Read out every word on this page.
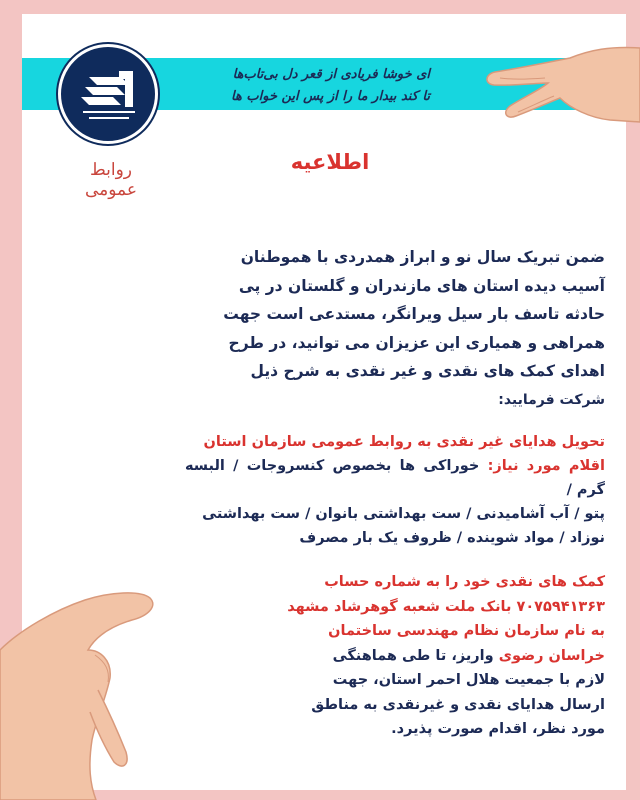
روابط عمومی
ای خوشا فریادی از قعر دل بی‌تاب‌ها
تا کند بیدار ما را از پس این خواب ها
اطلاعیه
ضمن تبریک سال نو و ابراز همدردی با هموطنان
آسیب دیده استان های مازندران و گلستان در پی
حادثه تاسف بار سیل ویرانگر، مستدعی است جهت
همراهی و همیاری این عزیزان می توانید، در طرح
اهدای کمک های نقدی و غیر نقدی به شرح ذیل
شرکت فرمایید:
تحویل هدایای غیر نقدی به روابط عمومی سازمان استان
اقلام مورد نیاز: خوراکی ها بخصوص کنسروجات / البسه گرم /
پتو / آب آشامیدنی / ست بهداشتی بانوان / ست بهداشتی
نوزاد / مواد شوینده / ظروف یک بار مصرف
کمک های نقدی خود را به شماره حساب
۷۰۷۵۹۴۱۳۶۳ بانک ملت شعبه گوهرشاد مشهد
به نام سازمان نظام مهندسی ساختمان
خراسان رضوی واریز، تا طی هماهنگی
لازم با جمعیت هلال احمر استان، جهت
ارسال هدایای نقدی و غیرنقدی به مناطق
مورد نظر، اقدام صورت پذیرد.
